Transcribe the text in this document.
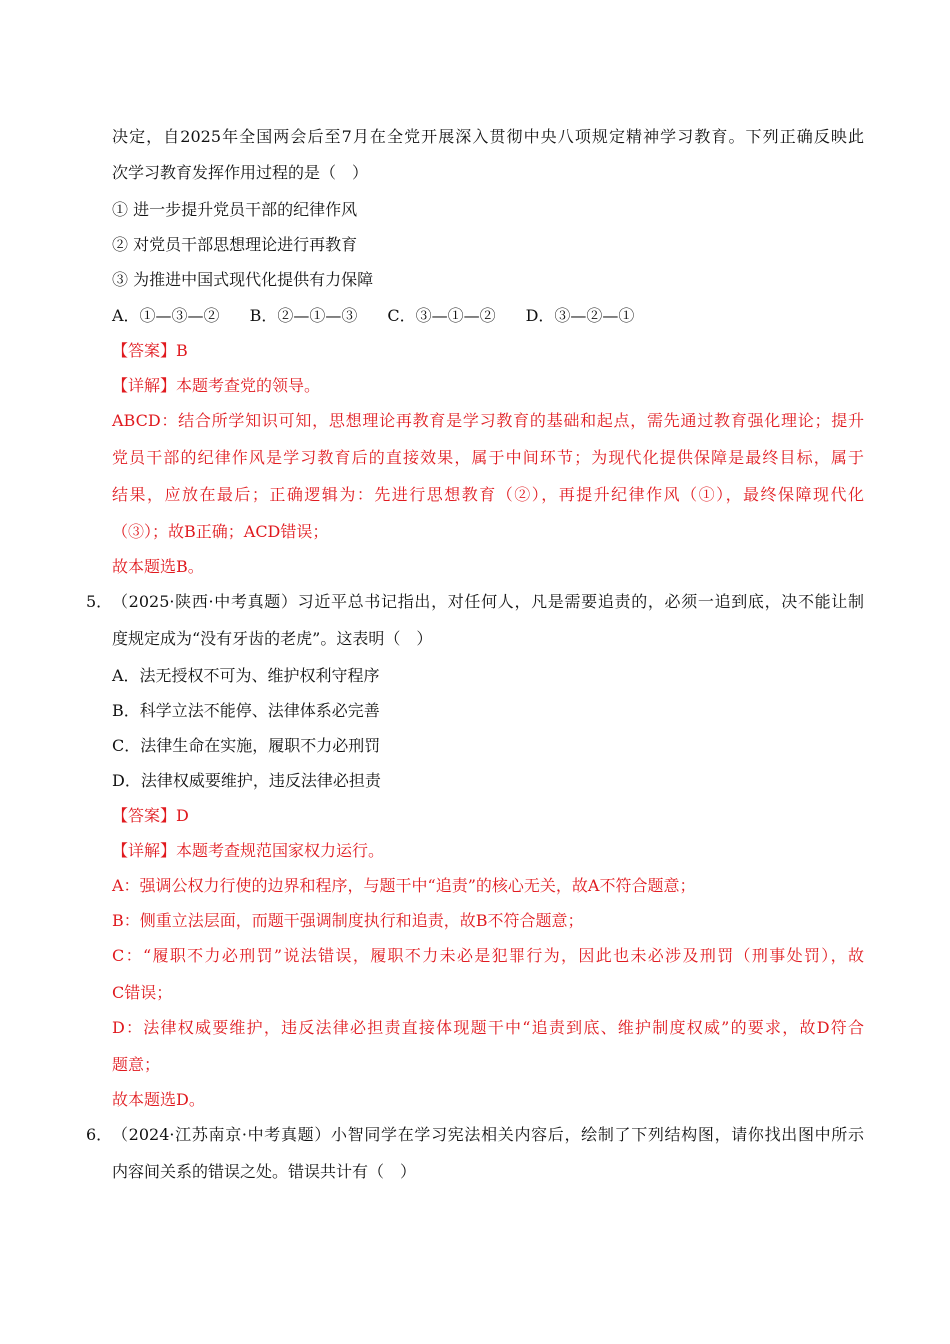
决定，自2025年全国两会后至7月在全党开展深入贯彻中央八项规定精神学习教育。下列正确反映此
次学习教育发挥作用过程的是（　）
① 进一步提升党员干部的纪律作风
② 对党员干部思想理论进行再教育
③ 为推进中国式现代化提供有力保障
A．①—③—② B．②—①—③ C．③—①—② D．③—②—①
【答案】B
【详解】本题考查党的领导。
ABCD：结合所学知识可知，思想理论再教育是学习教育的基础和起点，需先通过教育强化理论；提升
党员干部的纪律作风是学习教育后的直接效果，属于中间环节；为现代化提供保障是最终目标，属于
结果，应放在最后；正确逻辑为：先进行思想教育（②），再提升纪律作风（①），最终保障现代化
（③）；故B正确；ACD错误；
故本题选B。
5． （2025·陕西·中考真题）习近平总书记指出，对任何人，凡是需要追责的，必须一追到底，决不能让制
度规定成为“没有牙齿的老虎”。这表明（　）
A．法无授权不可为、维护权利守程序
B．科学立法不能停、法律体系必完善
C．法律生命在实施，履职不力必刑罚
D．法律权威要维护，违反法律必担责
【答案】D
【详解】本题考查规范国家权力运行。
A：强调公权力行使的边界和程序，与题干中“追责”的核心无关，故A不符合题意；
B：侧重立法层面，而题干强调制度执行和追责，故B不符合题意；
C：“履职不力必刑罚”说法错误，履职不力未必是犯罪行为，因此也未必涉及刑罚（刑事处罚），故
C错误；
D：法律权威要维护，违反法律必担责直接体现题干中“追责到底、维护制度权威”的要求，故D符合
题意；
故本题选D。
6． （2024·江苏南京·中考真题）小智同学在学习宪法相关内容后，绘制了下列结构图，请你找出图中所示
内容间关系的错误之处。错误共计有（　）
